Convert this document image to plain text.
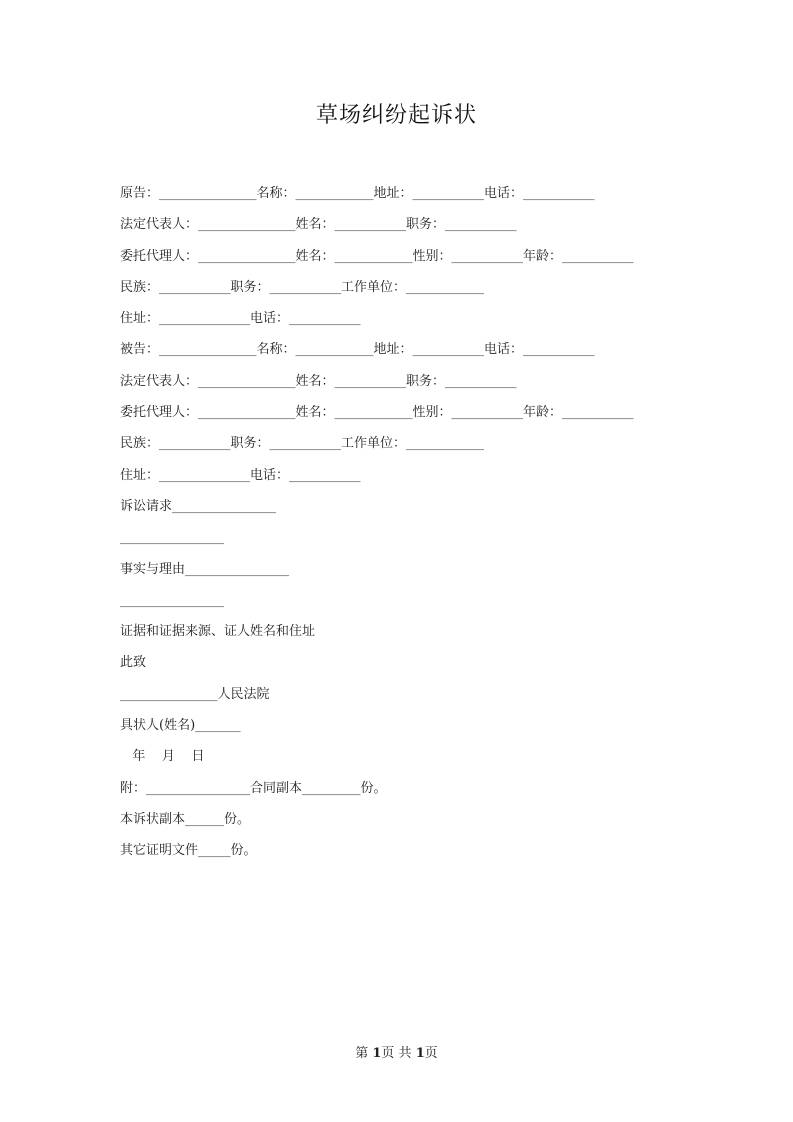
草场纠纷起诉状
原告：_______________名称：____________地址：___________电话：___________
法定代表人：_______________姓名：___________职务：___________
委托代理人：_______________姓名：____________性别：___________年龄：___________
民族：___________职务：___________工作单位：____________
住址：______________电话：___________
被告：_______________名称：____________地址：___________电话：___________
法定代表人：_______________姓名：___________职务：___________
委托代理人：_______________姓名：____________性别：___________年龄：___________
民族：___________职务：___________工作单位：____________
住址：______________电话：___________
诉讼请求________________
________________
事实与理由________________
________________
证据和证据来源、证人姓名和住址
此致
_______________人民法院
具状人(姓名)_______
年    月    日
附：________________合同副本_________份。
本诉状副本______份。
其它证明文件_____份。
第 1页 共 1页
